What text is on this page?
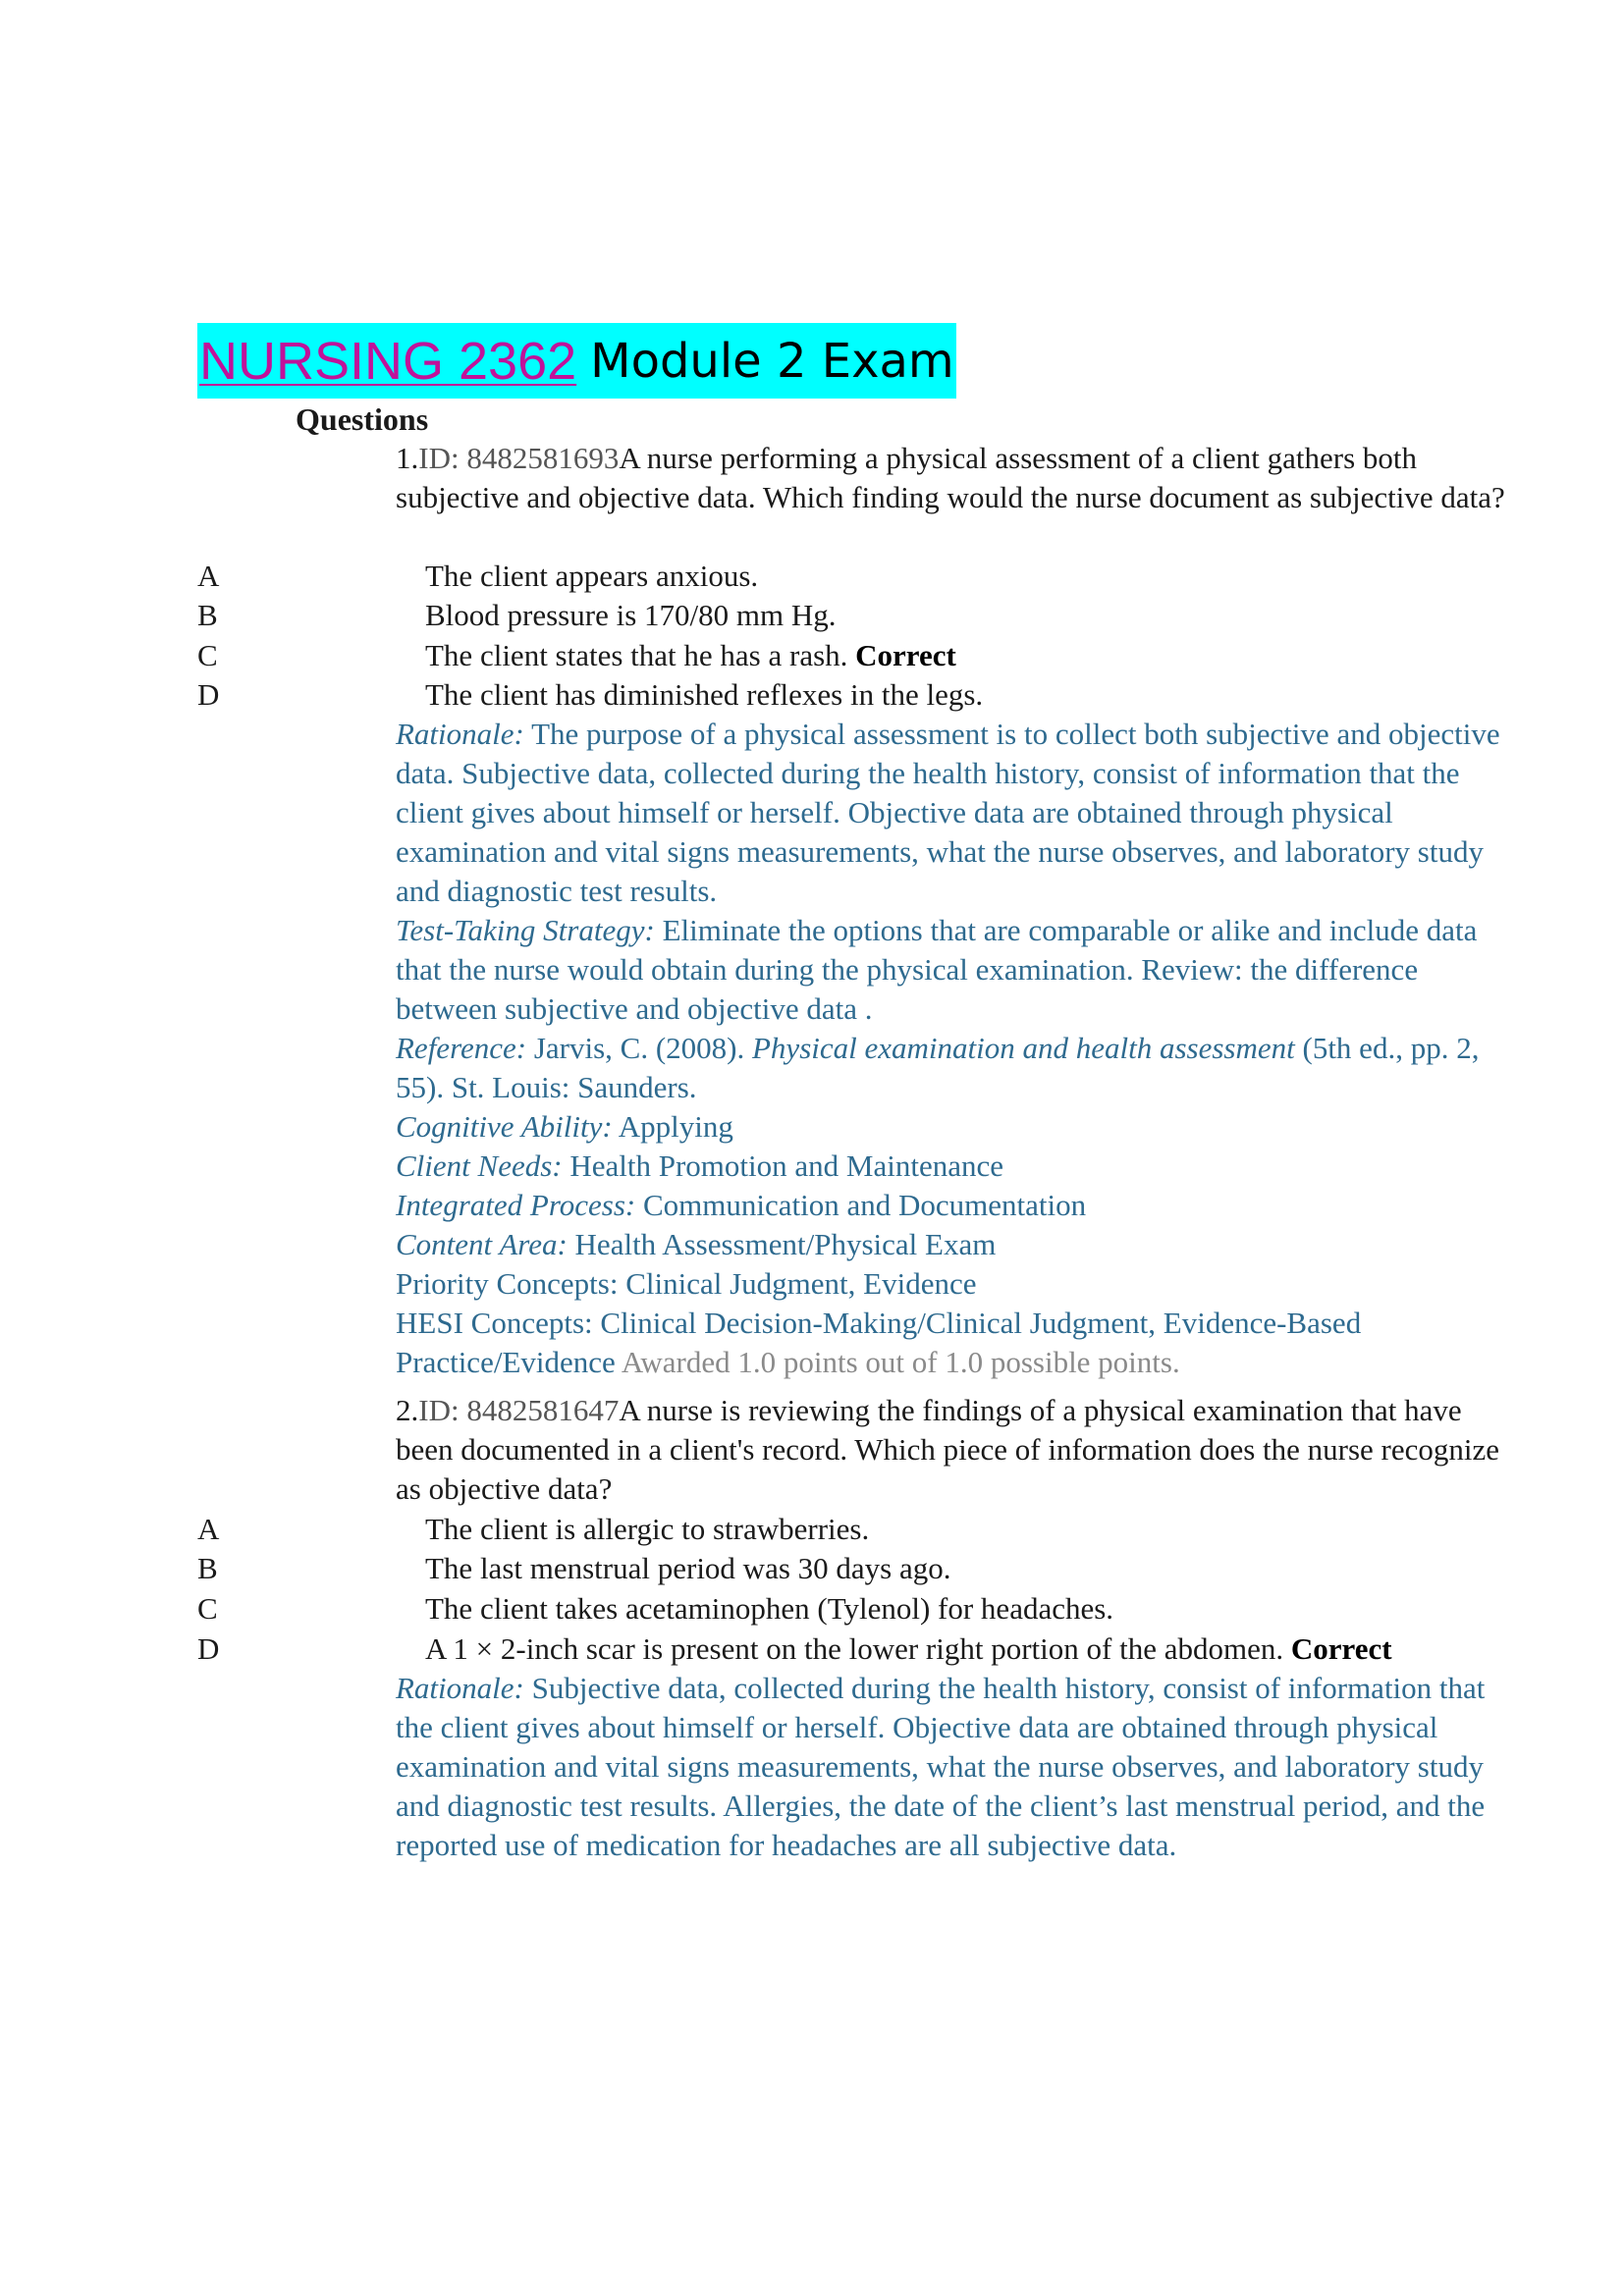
NURSING 2362 Module 2 Exam
Questions
1.ID: 8482581693A nurse performing a physical assessment of a client gathers both subjective and objective data. Which finding would the nurse document as subjective data?
A	The client appears anxious.
B	Blood pressure is 170/80 mm Hg.
C	The client states that he has a rash. Correct
D	The client has diminished reflexes in the legs.
Rationale: The purpose of a physical assessment is to collect both subjective and objective data. Subjective data, collected during the health history, consist of information that the client gives about himself or herself. Objective data are obtained through physical examination and vital signs measurements, what the nurse observes, and laboratory study and diagnostic test results.
Test-Taking Strategy: Eliminate the options that are comparable or alike and include data that the nurse would obtain during the physical examination. Review: the difference between subjective and objective data .
Reference: Jarvis, C. (2008). Physical examination and health assessment (5th ed., pp. 2, 55). St. Louis: Saunders.
Cognitive Ability: Applying
Client Needs: Health Promotion and Maintenance
Integrated Process: Communication and Documentation
Content Area: Health Assessment/Physical Exam
Priority Concepts: Clinical Judgment, Evidence
HESI Concepts: Clinical Decision-Making/Clinical Judgment, Evidence-Based Practice/Evidence Awarded 1.0 points out of 1.0 possible points.
2.ID: 8482581647A nurse is reviewing the findings of a physical examination that have been documented in a client's record. Which piece of information does the nurse recognize as objective data?
A	The client is allergic to strawberries.
B	The last menstrual period was 30 days ago.
C	The client takes acetaminophen (Tylenol) for headaches.
D	A 1 × 2-inch scar is present on the lower right portion of the abdomen. Correct
Rationale: Subjective data, collected during the health history, consist of information that the client gives about himself or herself. Objective data are obtained through physical examination and vital signs measurements, what the nurse observes, and laboratory study and diagnostic test results. Allergies, the date of the client’s last menstrual period, and the reported use of medication for headaches are all subjective data.
